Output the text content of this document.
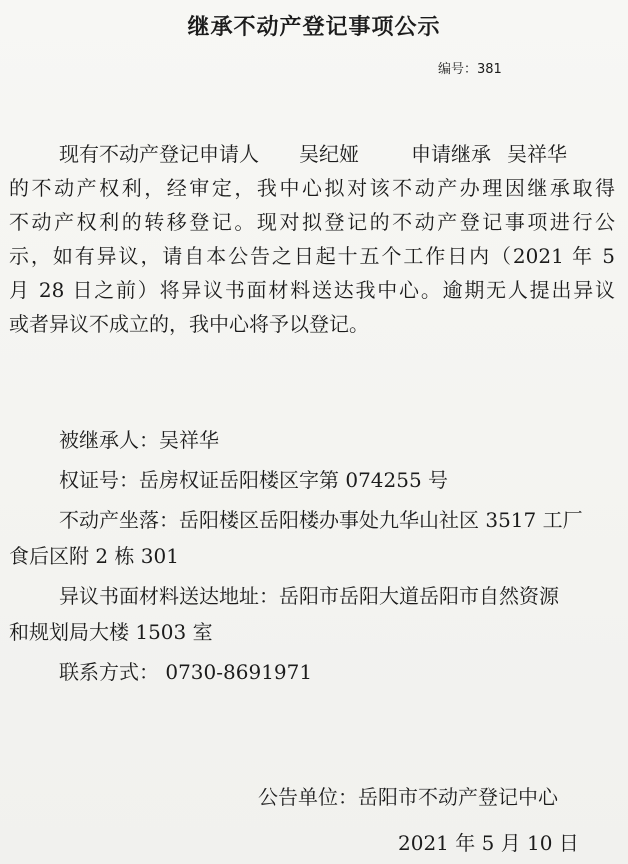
继承不动产登记事项公示
编号：381
现有不动产登记申请人 吴纪娅	申请继承 吴祥华
的不动产权利，经审定，我中心拟对该不动产办理因继承取得
不动产权利的转移登记。现对拟登记的不动产登记事项进行公
示，如有异议，请自本公告之日起十五个工作日内（2021 年 5
月 28 日之前）将异议书面材料送达我中心。逾期无人提出异议
或者异议不成立的，我中心将予以登记。
被继承人：吴祥华
权证号：岳房权证岳阳楼区字第 074255 号
不动产坐落：岳阳楼区岳阳楼办事处九华山社区 3517 工厂
食后区附 2 栋 301
异议书面材料送达地址：岳阳市岳阳大道岳阳市自然资源
和规划局大楼 1503 室
联系方式： 0730-8691971
公告单位：岳阳市不动产登记中心
2021 年 5 月 10 日
